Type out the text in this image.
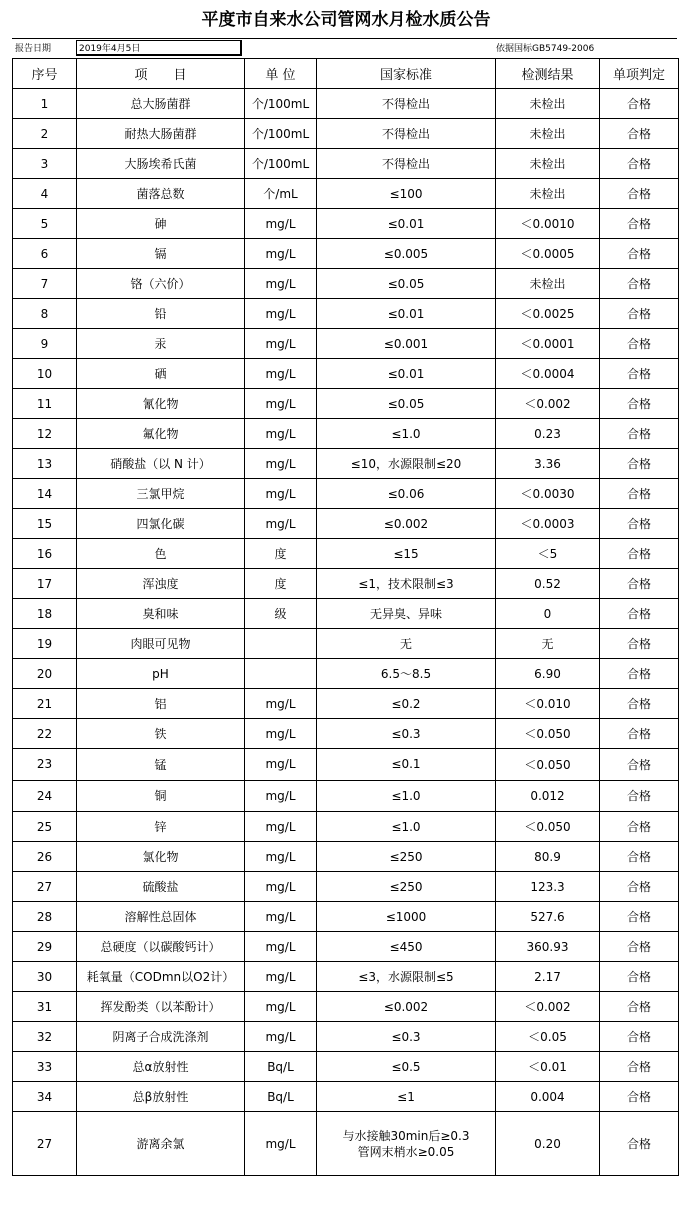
平度市自来水公司管网水月检水质公告
报告日期	2019年4月5日	依据国标GB5749-2006
序号	项　　目	单 位	国家标准	检测结果	单项判定
1	总大肠菌群	个/100mL	不得检出	未检出	合格
2	耐热大肠菌群	个/100mL	不得检出	未检出	合格
3	大肠埃希氏菌	个/100mL	不得检出	未检出	合格
4	菌落总数	个/mL	≤100	未检出	合格
5	砷	mg/L	≤0.01	＜0.0010	合格
6	镉	mg/L	≤0.005	＜0.0005	合格
7	铬（六价）	mg/L	≤0.05	未检出	合格
8	铅	mg/L	≤0.01	＜0.0025	合格
9	汞	mg/L	≤0.001	＜0.0001	合格
10	硒	mg/L	≤0.01	＜0.0004	合格
11	氰化物	mg/L	≤0.05	＜0.002	合格
12	氟化物	mg/L	≤1.0	0.23	合格
13	硝酸盐（以 N 计）	mg/L	≤10，水源限制≤20	3.36	合格
14	三氯甲烷	mg/L	≤0.06	＜0.0030	合格
15	四氯化碳	mg/L	≤0.002	＜0.0003	合格
16	色	度	≤15	＜5	合格
17	浑浊度	度	≤1，技术限制≤3	0.52	合格
18	臭和味	级	无异臭、异味	0	合格
19	肉眼可见物		无	无	合格
20	pH		6.5～8.5	6.90	合格
21	铝	mg/L	≤0.2	＜0.010	合格
22	铁	mg/L	≤0.3	＜0.050	合格
23	锰	mg/L	≤0.1	＜0.050	合格
24	铜	mg/L	≤1.0	0.012	合格
25	锌	mg/L	≤1.0	＜0.050	合格
26	氯化物	mg/L	≤250	80.9	合格
27	硫酸盐	mg/L	≤250	123.3	合格
28	溶解性总固体	mg/L	≤1000	527.6	合格
29	总硬度（以碳酸钙计）	mg/L	≤450	360.93	合格
30	耗氧量（CODmn以O2计）	mg/L	≤3，水源限制≤5	2.17	合格
31	挥发酚类（以苯酚计）	mg/L	≤0.002	＜0.002	合格
32	阴离子合成洗涤剂	mg/L	≤0.3	＜0.05	合格
33	总α放射性	Bq/L	≤0.5	＜0.01	合格
34	总β放射性	Bq/L	≤1	0.004	合格
27	游离余氯	mg/L	与水接触30min后≥0.3
管网末梢水≥0.05	0.20	合格
